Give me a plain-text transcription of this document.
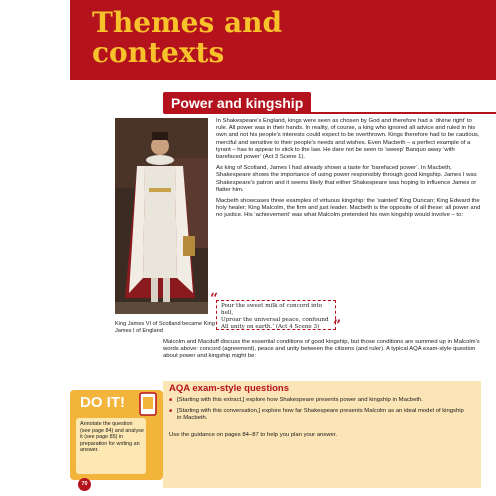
Themes and
contexts
Power and kingship
King James VI of Scotland became King James I of England

In Shakespeare’s England, kings were seen as chosen by God and therefore had a ‘divine right’ to rule. All power was in their hands. In reality, of course, a king who ignored all advice and ruled in his own and not his people’s interests could expect to be overthrown. Kings therefore had to be cautious, merciful and sensitive to their people’s needs and wishes. Even Macbeth – a perfect example of a tyrant – has to appear to stick to the law. He dare not be seen to ‘sweep’ Banquo away ‘with barefaced power’ (Act 3 Scene 1).

As king of Scotland, James I had already shown a taste for ‘barefaced power’. In Macbeth, Shakespeare shows the importance of using power responsibly through good kingship. James I was Shakespeare’s patron and it seems likely that either Shakespeare was hoping to influence James or flatter him.

Macbeth showcases three examples of virtuous kingship: the ‘sainted’ King Duncan; King Edward the holy healer; King Malcolm, the firm and just leader. Macbeth is the opposite of all these: all power and no justice. His ‘achievement’ was what Malcolm pretended his own kingship would involve – to:

“ Pour the sweet milk of concord into hell,
Uproar the universal peace, confound
All unity on earth.’ (Act 4 Scene 3) ”

Malcolm and Macduff discuss the essential conditions of good kingship, but those conditions are summed up in Malcolm’s words above: concord (agreement), peace and unity between the citizens (and ruler). A typical AQA exam-style question about power and kingship might be:

DO IT!

Annotate the question (see page 84) and analyse it (see page 85) in preparation for writing an answer.

AQA exam-style questions
■ [Starting with this extract,] explore how Shakespeare presents power and kingship in Macbeth.
■ [Starting with this conversation,] explore how far Shakespeare presents Malcolm as an ideal model of kingship in Macbeth.

Use the guidance on pages 84–87 to help you plan your answer.

70
